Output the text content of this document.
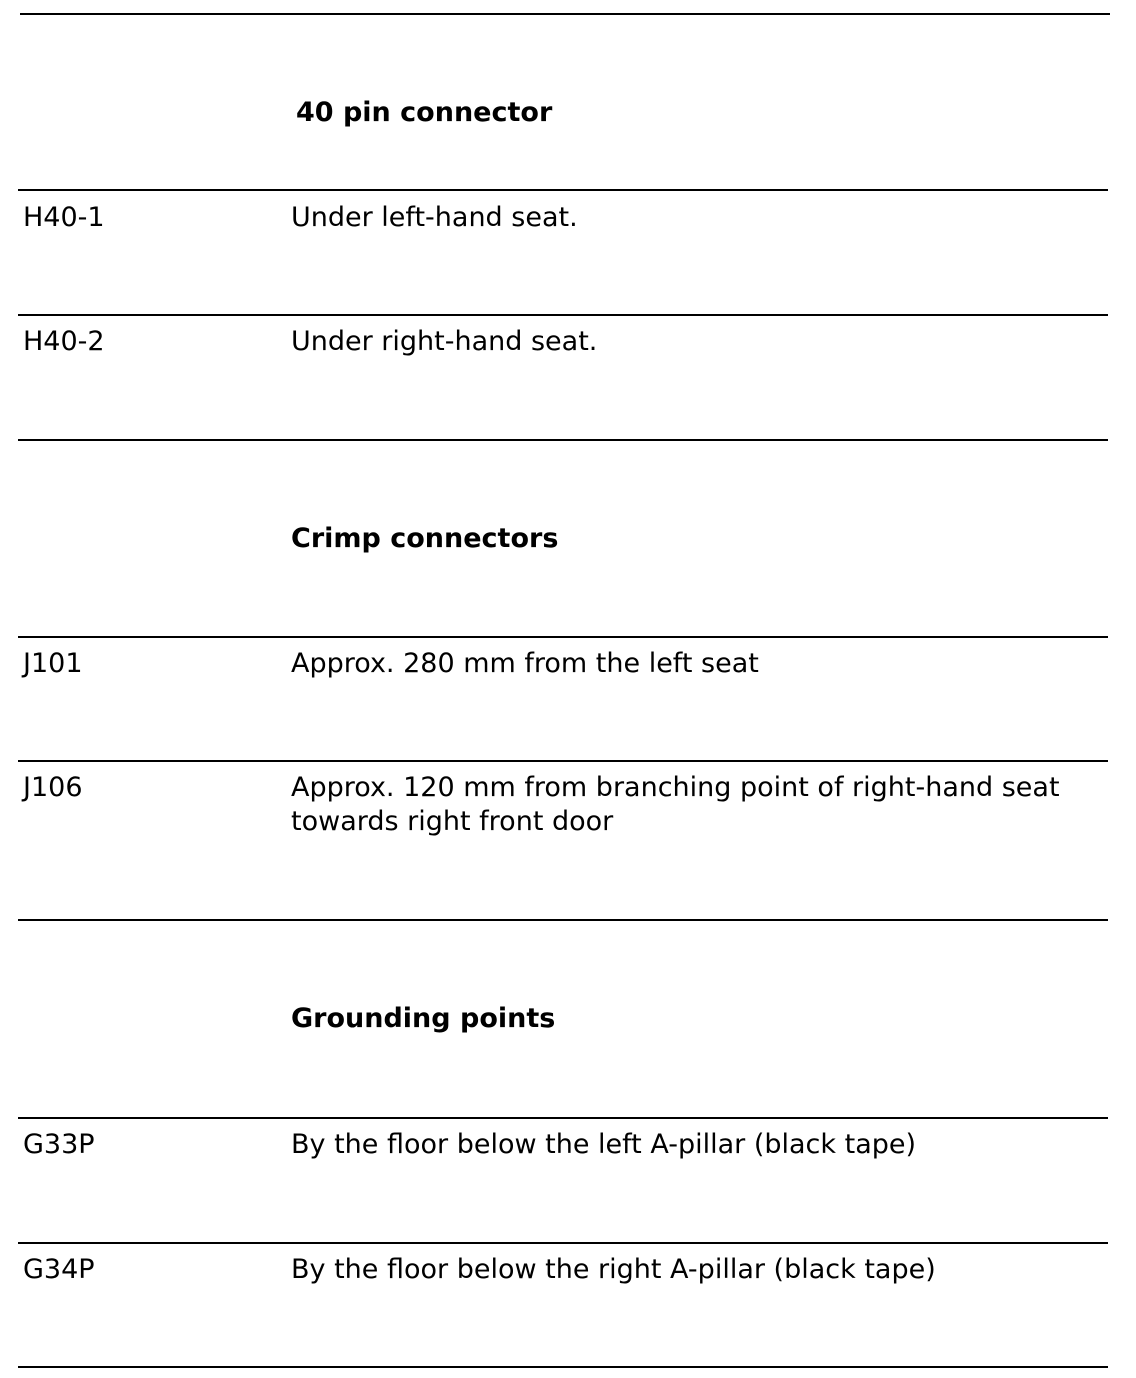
40 pin connector
H40-1	Under left-hand seat.
H40-2	Under right-hand seat.
Crimp connectors
J101	Approx. 280 mm from the left seat
J106	Approx. 120 mm from branching point of right-hand seat towards right front door
Grounding points
G33P	By the floor below the left A-pillar (black tape)
G34P	By the floor below the right A-pillar (black tape)
